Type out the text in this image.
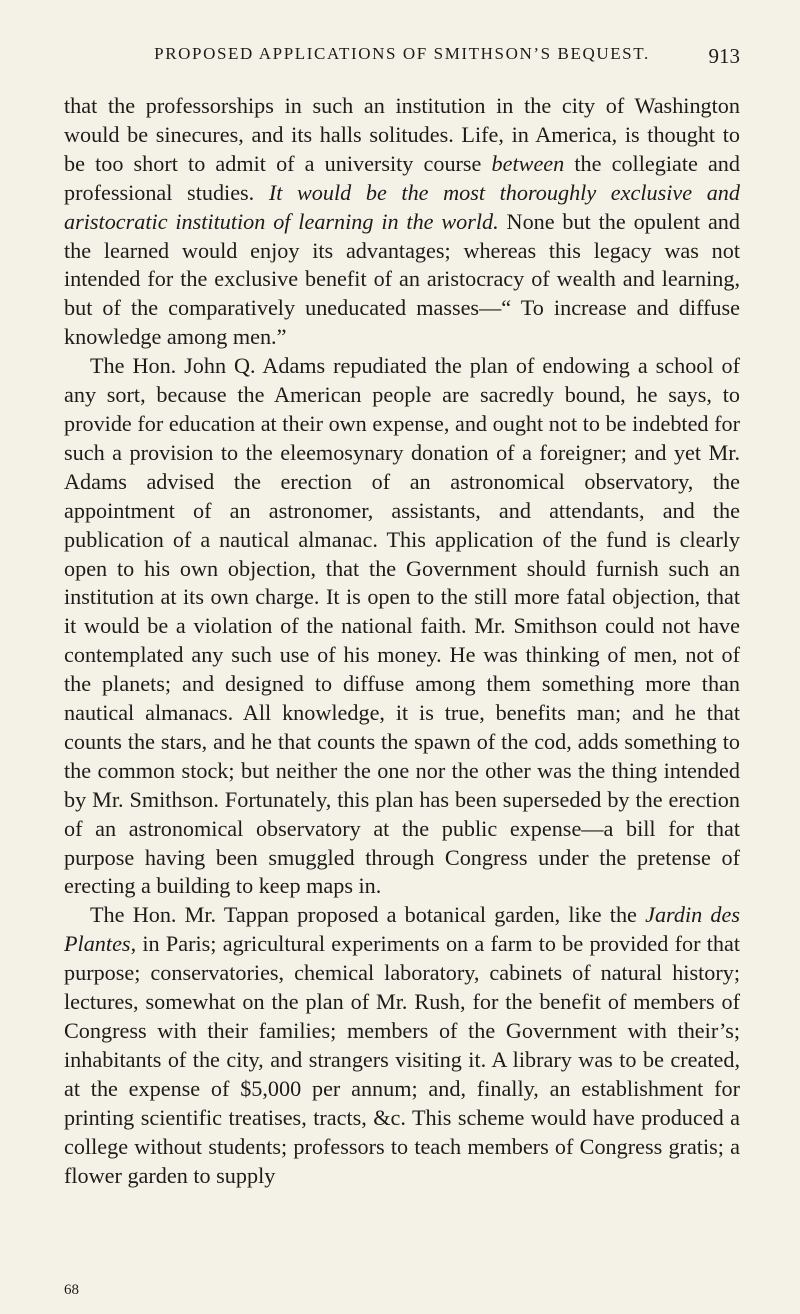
PROPOSED APPLICATIONS OF SMITHSON’S BEQUEST.	913

that the professorships in such an institution in the city of Washington would be sinecures, and its halls solitudes. Life, in America, is thought to be too short to admit of a university course between the collegiate and professional studies. It would be the most thoroughly exclusive and aristocratic institution of learning in the world. None but the opulent and the learned would enjoy its advantages; whereas this legacy was not intended for the exclusive benefit of an aristocracy of wealth and learning, but of the comparatively uneducated masses—“ To increase and diffuse knowledge among men.”

The Hon. John Q. Adams repudiated the plan of endowing a school of any sort, because the American people are sacredly bound, he says, to provide for education at their own expense, and ought not to be indebted for such a provision to the eleemosynary donation of a foreigner; and yet Mr. Adams advised the erection of an astronomical observatory, the appointment of an astronomer, assistants, and attendants, and the publication of a nautical almanac. This application of the fund is clearly open to his own objection, that the Government should furnish such an institution at its own charge. It is open to the still more fatal objection, that it would be a violation of the national faith. Mr. Smithson could not have contemplated any such use of his money. He was thinking of men, not of the planets; and designed to diffuse among them something more than nautical almanacs. All knowledge, it is true, benefits man; and he that counts the stars, and he that counts the spawn of the cod, adds something to the common stock; but neither the one nor the other was the thing intended by Mr. Smithson. Fortunately, this plan has been superseded by the erection of an astronomical observatory at the public expense—a bill for that purpose having been smuggled through Congress under the pretense of erecting a building to keep maps in.

The Hon. Mr. Tappan proposed a botanical garden, like the Jardin des Plantes, in Paris; agricultural experiments on a farm to be provided for that purpose; conservatories, chemical laboratory, cabinets of natural history; lectures, somewhat on the plan of Mr. Rush, for the benefit of members of Congress with their families; members of the Government with their’s; inhabitants of the city, and strangers visiting it. A library was to be created, at the expense of $5,000 per annum; and, finally, an establishment for printing scientific treatises, tracts, &c. This scheme would have produced a college without students; professors to teach members of Congress gratis; a flower garden to supply

68
